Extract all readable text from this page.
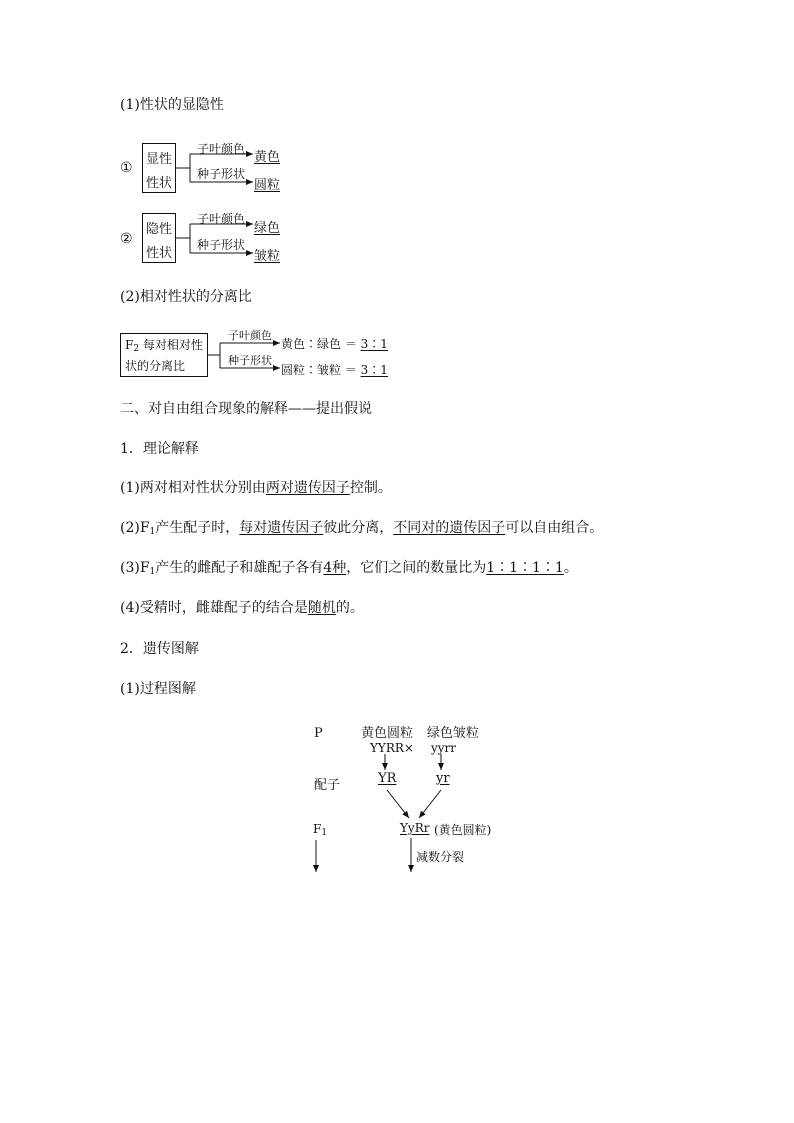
(1)性状的显隐性
①
显性
性状
子叶颜色
黄色
种子形状
圆粒
②
隐性
性状
子叶颜色
绿色
种子形状
皱粒
(2)相对性状的分离比
$F_2$ 每对相对性
状的分离比
子叶颜色
黄色∶绿色 ＝ 3∶1
种子形状
圆粒∶皱粒 ＝ 3∶1
二、对自由组合现象的解释——提出假说
1．理论解释
(1)两对相对性状分别由两对遗传因子控制。
$(2)F_1$产生配子时，每对遗传因子彼此分离，不同对的遗传因子可以自由组合。
$(3)F_1$产生的雌配子和雄配子各有4种，它们之间的数量比为1∶1∶1∶1。
(4)受精时，雌雄配子的结合是随机的。
2．遗传图解
(1)过程图解
P	黄色圆粒 绿色皱粒
YYRR× yyrr
配子	YR	yr
$F_1$	YyRr (黄色圆粒)
减数分裂
